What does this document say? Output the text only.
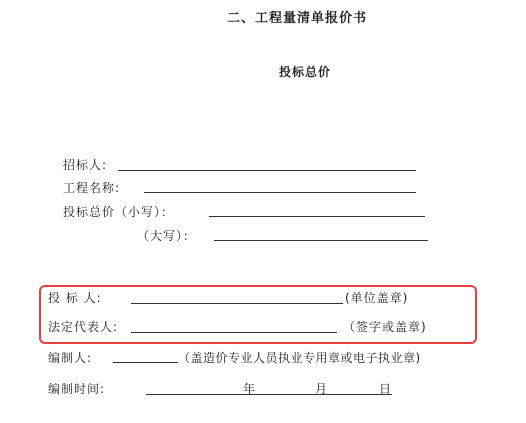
二、工程量清单报价书
投标总价
招标人:
工程名称:
投标总价（小写）：
（大写）：
投 标 人:	(单位盖章)
法定代表人:	（签字或盖章)
编制人:	（盖造价专业人员执业专用章或电子执业章)
编制时间:	年	月	日
